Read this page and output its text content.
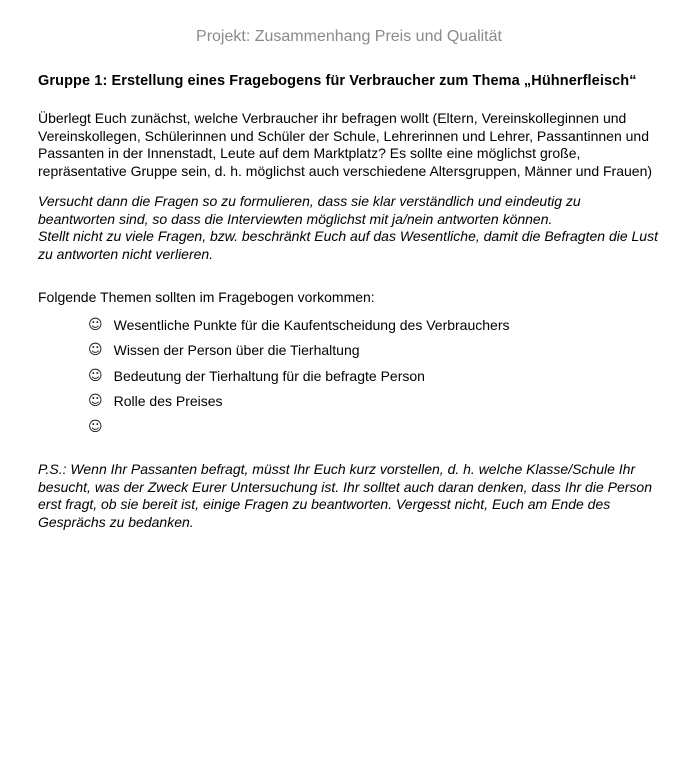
Projekt: Zusammenhang Preis und Qualität
Gruppe 1: Erstellung eines Fragebogens für Verbraucher zum Thema „Hühnerfleisch“

Überlegt Euch zunächst, welche Verbraucher ihr befragen wollt (Eltern, Vereinskolleginnen und Vereinskollegen, Schülerinnen und Schüler der Schule, Lehrerinnen und Lehrer, Passantinnen und Passanten in der Innenstadt, Leute auf dem Marktplatz? Es sollte eine möglichst große, repräsentative Gruppe sein, d. h. möglichst auch verschiedene Altersgruppen, Männer und Frauen)

Versucht dann die Fragen so zu formulieren, dass sie klar verständlich und eindeutig zu beantworten sind, so dass die Interviewten möglichst mit ja/nein antworten können.
Stellt nicht zu viele Fragen, bzw. beschränkt Euch auf das Wesentliche, damit die Befragten die Lust zu antworten nicht verlieren.

Folgende Themen sollten im Fragebogen vorkommen:

☺ Wesentliche Punkte für die Kaufentscheidung des Verbrauchers
☺ Wissen der Person über die Tierhaltung
☺ Bedeutung der Tierhaltung für die befragte Person
☺ Rolle des Preises
☺

P.S.: Wenn Ihr Passanten befragt, müsst Ihr Euch kurz vorstellen, d. h. welche Klasse/Schule Ihr besucht, was der Zweck Eurer Untersuchung ist. Ihr solltet auch daran denken, dass Ihr die Person erst fragt, ob sie bereit ist, einige Fragen zu beantworten. Vergesst nicht, Euch am Ende des Gesprächs zu bedanken.
